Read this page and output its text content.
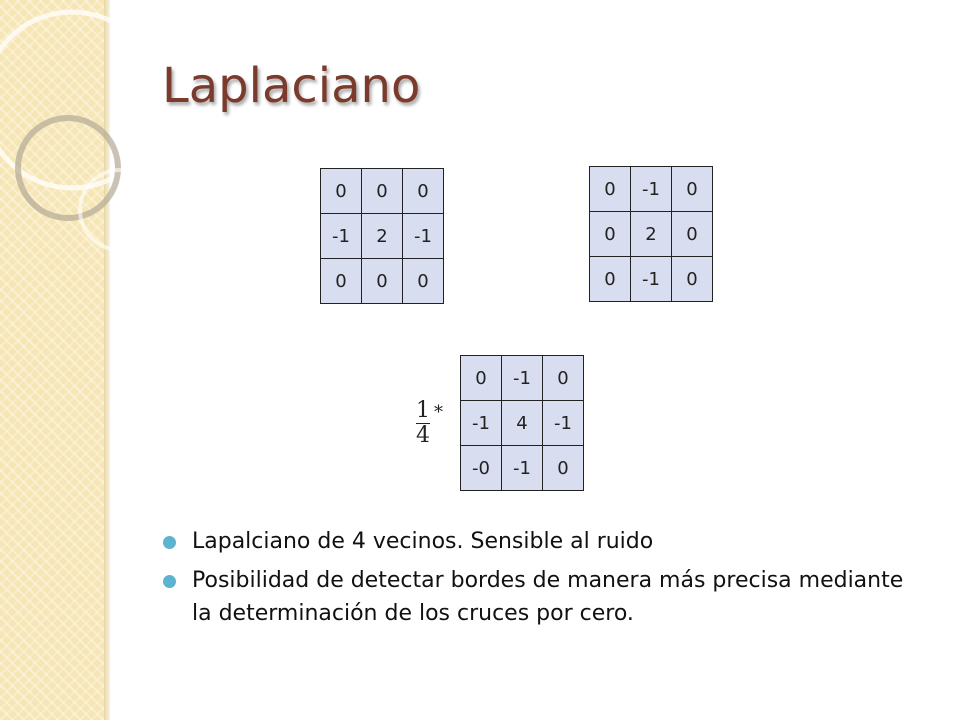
Laplaciano
0	0	0
-1	2	-1
0	0	0
0	-1	0
0	2	0
0	-1	0
$\frac{1}{4}$ *
0	-1	0
-1	4	-1
-0	-1	0
Lapalciano de 4 vecinos. Sensible al ruido
Posibilidad de detectar bordes de manera más precisa mediante la determinación de los cruces por cero.
